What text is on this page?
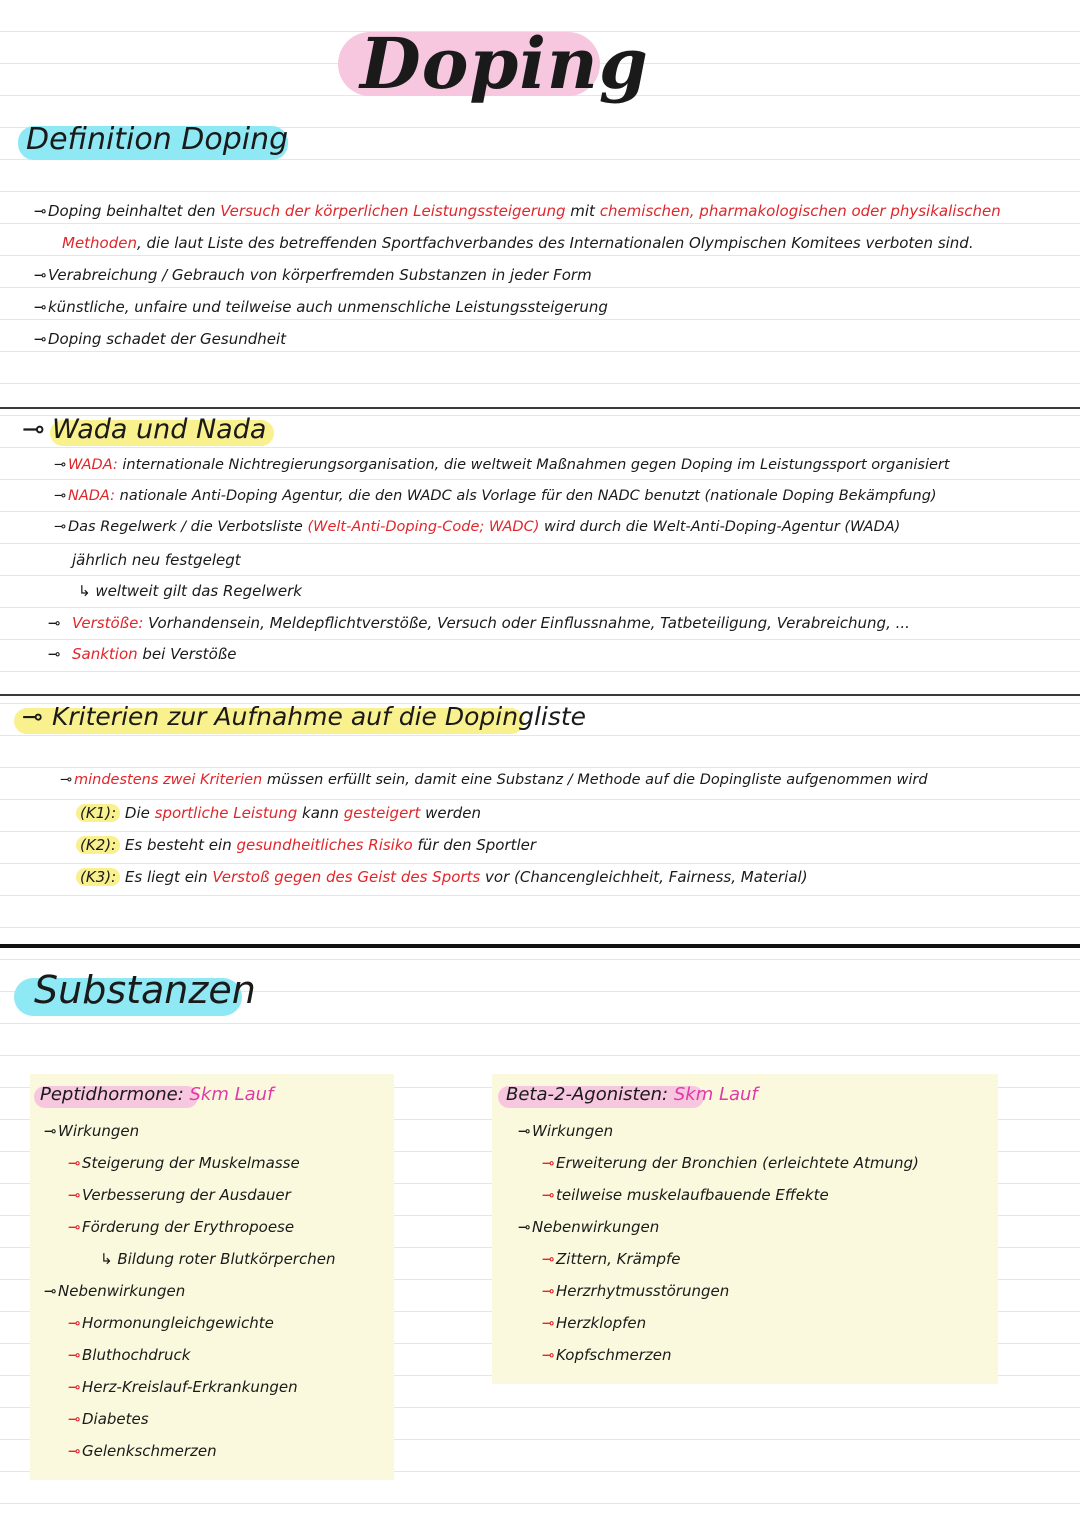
Doping
Definition Doping
⊸Doping beinhaltet den Versuch der körperlichen Leistungssteigerung mit chemischen, pharmakologischen oder physikalischen
Methoden, die laut Liste des betreffenden Sportfachverbandes des Internationalen Olympischen Komitees verboten sind.
⊸Verabreichung / Gebrauch von körperfremden Substanzen in jeder Form
⊸künstliche, unfaire und teilweise auch unmenschliche Leistungssteigerung
⊸Doping schadet der Gesundheit
⊸ Wada und Nada
⊸ WADA: internationale Nichtregierungsorganisation, die weltweit Maßnahmen gegen Doping im Leistungssport organisiert
⊸ NADA: nationale Anti-Doping Agentur, die den WADC als Vorlage für den NADC benutzt (nationale Doping Bekämpfung)
⊸ Das Regelwerk / die Verbotsliste (Welt-Anti-Doping-Code; WADC) wird durch die Welt-Anti-Doping-Agentur (WADA)
jährlich neu festgelegt
↳ weltweit gilt das Regelwerk
⊸ Verstöße: Vorhandensein, Meldepflichtverstöße, Versuch oder Einflussnahme, Tatbeteiligung, Verabreichung, ...
⊸ Sanktion bei Verstöße
⊸ Kriterien zur Aufnahme auf die Dopingliste
⊸ mindestens zwei Kriterien müssen erfüllt sein, damit eine Substanz / Methode auf die Dopingliste aufgenommen wird
(K1): Die sportliche Leistung kann gesteigert werden
(K2): Es besteht ein gesundheitliches Risiko für den Sportler
(K3): Es liegt ein Verstoß gegen des Geist des Sports vor (Chancengleichheit, Fairness, Material)
Substanzen
Peptidhormone: Skm Lauf
⊸Wirkungen
⊸Steigerung der Muskelmasse
⊸Verbesserung der Ausdauer
⊸Förderung der Erythropoese
↳ Bildung roter Blutkörperchen
⊸Nebenwirkungen
⊸Hormonungleichgewichte
⊸Bluthochdruck
⊸Herz-Kreislauf-Erkrankungen
⊸Diabetes
⊸Gelenkschmerzen
Beta-2-Agonisten: Skm Lauf
⊸Wirkungen
⊸Erweiterung der Bronchien (erleichtete Atmung)
⊸teilweise muskelaufbauende Effekte
⊸Nebenwirkungen
⊸Zittern, Krämpfe
⊸Herzrhytmusstörungen
⊸Herzklopfen
⊸Kopfschmerzen
